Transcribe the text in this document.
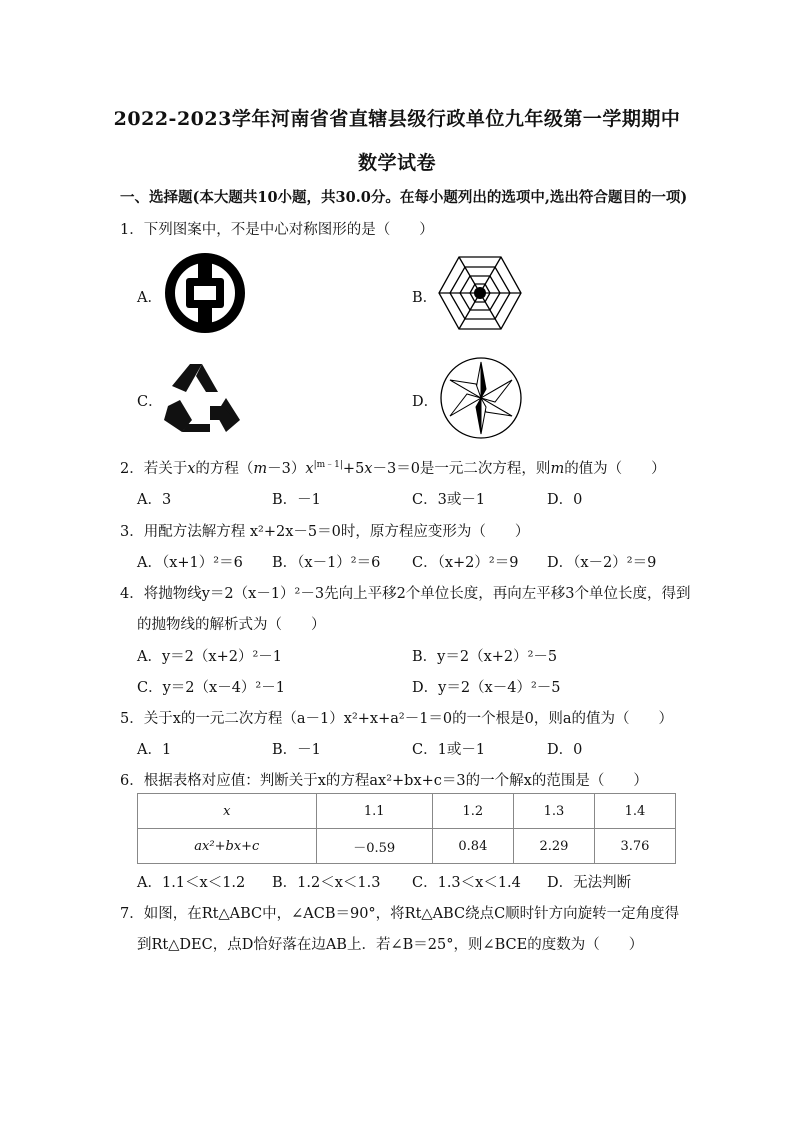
2022-2023学年河南省省直辖县级行政单位九年级第一学期期中
数学试卷
一、选择题(本大题共10小题，共30.0分。在每小题列出的选项中,选出符合题目的一项)
1．下列图案中，不是中心对称图形的是（　　）
A．	B．
C．	D．
2．若关于x的方程$(m-3)x^{|m﹣1|}+5x-3=0$是一元二次方程，则m的值为（　　）
A．3	B．－1	C．3或－1	D．0
3．用配方法解方程 x²+2x－5＝0时，原方程应变形为（　　）
A．（x+1）²＝6 B．（x－1）²＝6 C．（x+2）²＝9 D．（x－2）²＝9
4．将抛物线y＝2（x－1）²－3先向上平移2个单位长度，再向左平移3个单位长度，得到
的抛物线的解析式为（　　）
A．y＝2（x+2）²－1	B．y＝2（x+2）²－5
C．y＝2（x－4）²－1	D．y＝2（x－4）²－5
5．关于x的一元二次方程（a－1）x²+x+a²－1＝0的一个根是0，则a的值为（　　）
A．1	B．－1	C．1或－1	D．0
6．根据表格对应值：判断关于x的方程ax²+bx+c＝3的一个解x的范围是（　　）
x	1.1	1.2	1.3	1.4
ax²+bx+c	－0.59	0.84	2.29	3.76
A．1.1＜x＜1.2 B．1.2＜x＜1.3 C．1.3＜x＜1.4 D．无法判断
7．如图，在Rt△ABC中，∠ACB＝90°，将Rt△ABC绕点C顺时针方向旋转一定角度得
到Rt△DEC，点D恰好落在边AB上．若∠B＝25°，则∠BCE的度数为（　　）
